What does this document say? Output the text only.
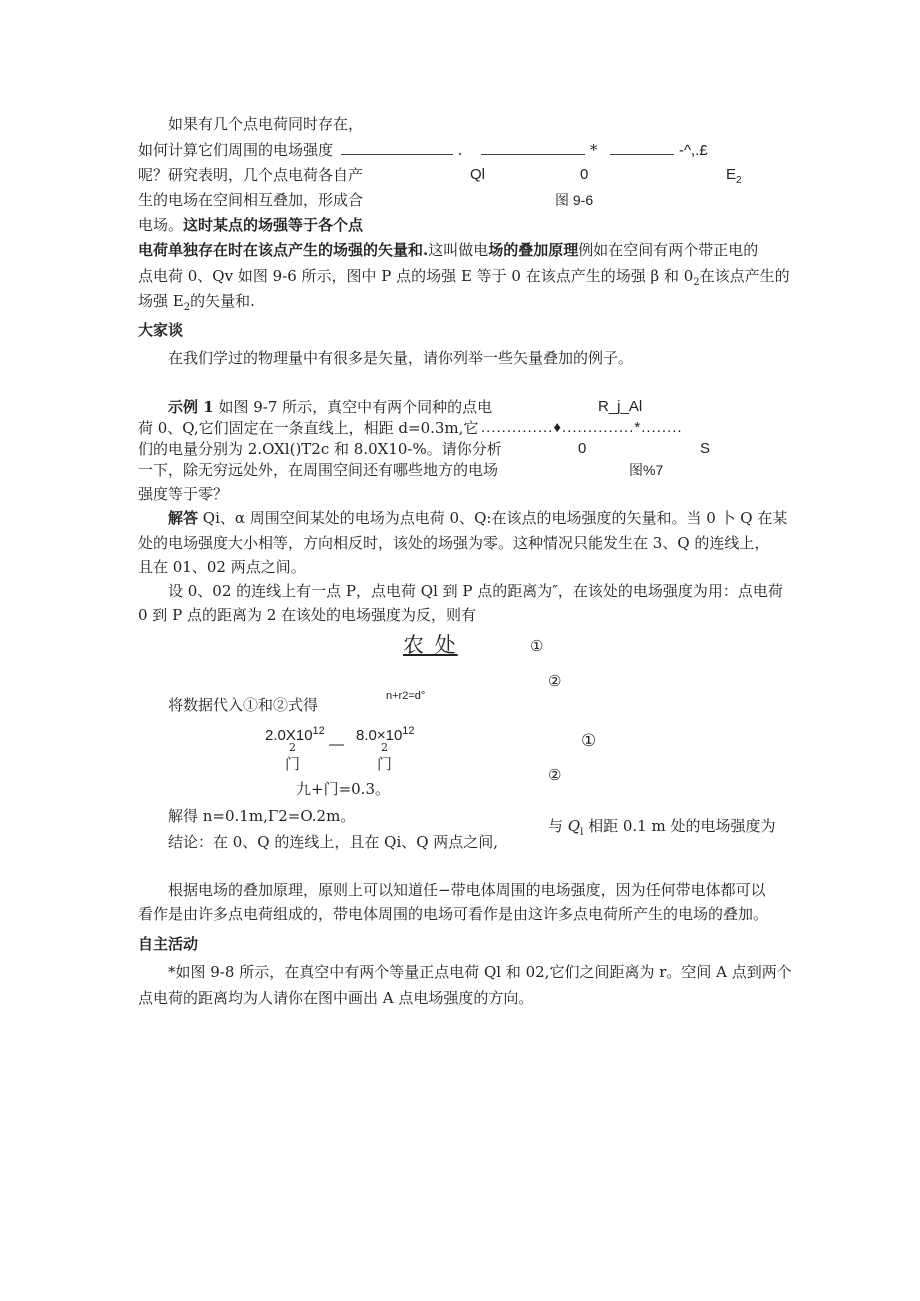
如果有几个点电荷同时存在，
如何计算它们周围的电场强度	.	*	-^,.£
呢？研究表明，几个点电荷各自产
生的电场在空间相互叠加，形成合
电场。这时某点的场强等于各个点
Ql	0	$E_2$
图 9-6
电荷单独存在时在该点产生的场强的矢量和.这叫做电场的叠加原理例如在空间有两个带正电的
点电荷 0、Qv 如图 9-6 所示，图中 P 点的场强 E 等于 0 在该点产生的场强 β 和 $0_2$在该点产生的
场强 $E_2$的矢量和.
大家谈
在我们学过的物理量中有很多是矢量，请你列举一些矢量叠加的例子。
示例 1 如图 9-7 所示，真空中有两个同种的点电
荷 0、Q,它们固定在一条直线上，相距 d=0.3m,它
们的电量分别为 2.OXl()T2c 和 8.0X10-%。请你分析
一下，除无穷远处外，在周围空间还有哪些地方的电场
强度等于零？
R_j_Al
..............♦..............*........
0	S
图%7
解答 Qi、α 周围空间某处的电场为点电荷 0、Q:在该点的电场强度的矢量和。当 0 卜 Q 在某
处的电场强度大小相等，方向相反时，该处的场强为零。这种情况只能发生在 3、Q 的连线上，
且在 01、02 两点之间。
设 0、02 的连线上有一点 P，点电荷 Ql 到 P 点的距离为″，在该处的电场强度为用：点电荷
0 到 P 点的距离为 2 在该处的电场强度为反，则有
农 处	①
②
n+r2=d°
将数据代入①和②式得
$2.0X10^{12}$
—
$8.0\times 10^{12}$
2	2
门	门
①
②
九+门=0.3。
解得 n=0.1m,Γ2=O.2m。
结论：在 0、Q 的连线上，且在 Qi、Q 两点之间,
与 $Q_l$ 相距 0.1 m 处的电场强度为
根据电场的叠加原理，原则上可以知道任−带电体周围的电场强度，因为任何带电体都可以
看作是由许多点电荷组成的，带电体周围的电场可看作是由这许多点电荷所产生的电场的叠加。
自主活动
*如图 9-8 所示，在真空中有两个等量正点电荷 Ql 和 02,它们之间距离为 r。空间 A 点到两个
点电荷的距离均为人请你在图中画出 A 点电场强度的方向。
